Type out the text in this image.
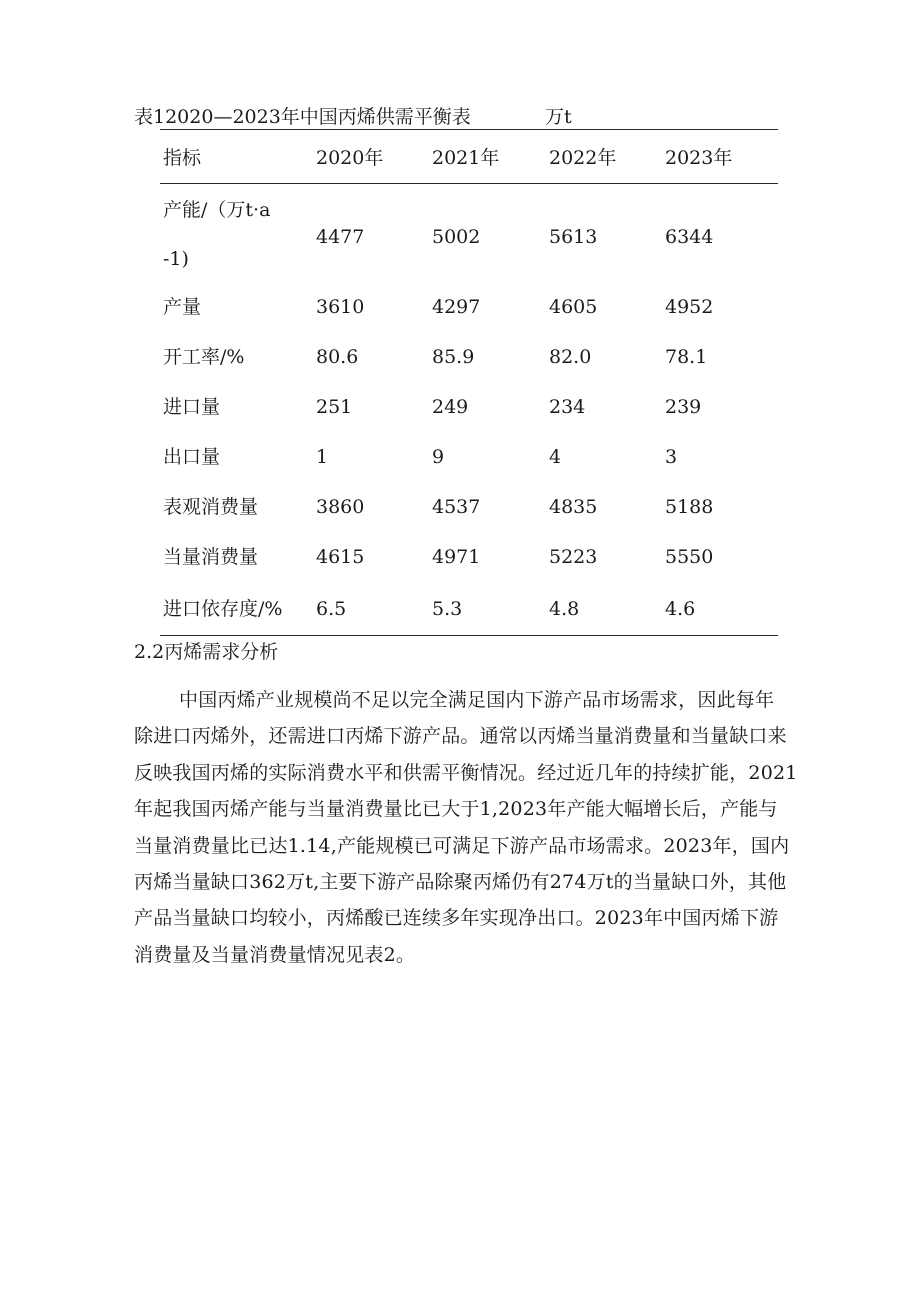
表12020—2023年中国丙烯供需平衡表	万t
指标	2020年	2021年	2022年	2023年
产能/（万t·a
-1)
4477	5002	5613	6344
产量	3610	4297	4605	4952
开工率/%	80.6	85.9	82.0	78.1
进口量	251	249	234	239
出口量	1	9	4	3
表观消费量	3860	4537	4835	5188
当量消费量	4615	4971	5223	5550
进口依存度/% 6.5	5.3	4.8	4.6
2.2丙烯需求分析
中国丙烯产业规模尚不足以完全满足国内下游产品市场需求，因此每年
除进口丙烯外，还需进口丙烯下游产品。通常以丙烯当量消费量和当量缺口来
反映我国丙烯的实际消费水平和供需平衡情况。经过近几年的持续扩能，2021
年起我国丙烯产能与当量消费量比已大于1,2023年产能大幅增长后，产能与
当量消费量比已达1.14,产能规模已可满足下游产品市场需求。2023年，国内
丙烯当量缺口362万t,主要下游产品除聚丙烯仍有274万t的当量缺口外，其他
产品当量缺口均较小，丙烯酸已连续多年实现净出口。2023年中国丙烯下游
消费量及当量消费量情况见表2。
